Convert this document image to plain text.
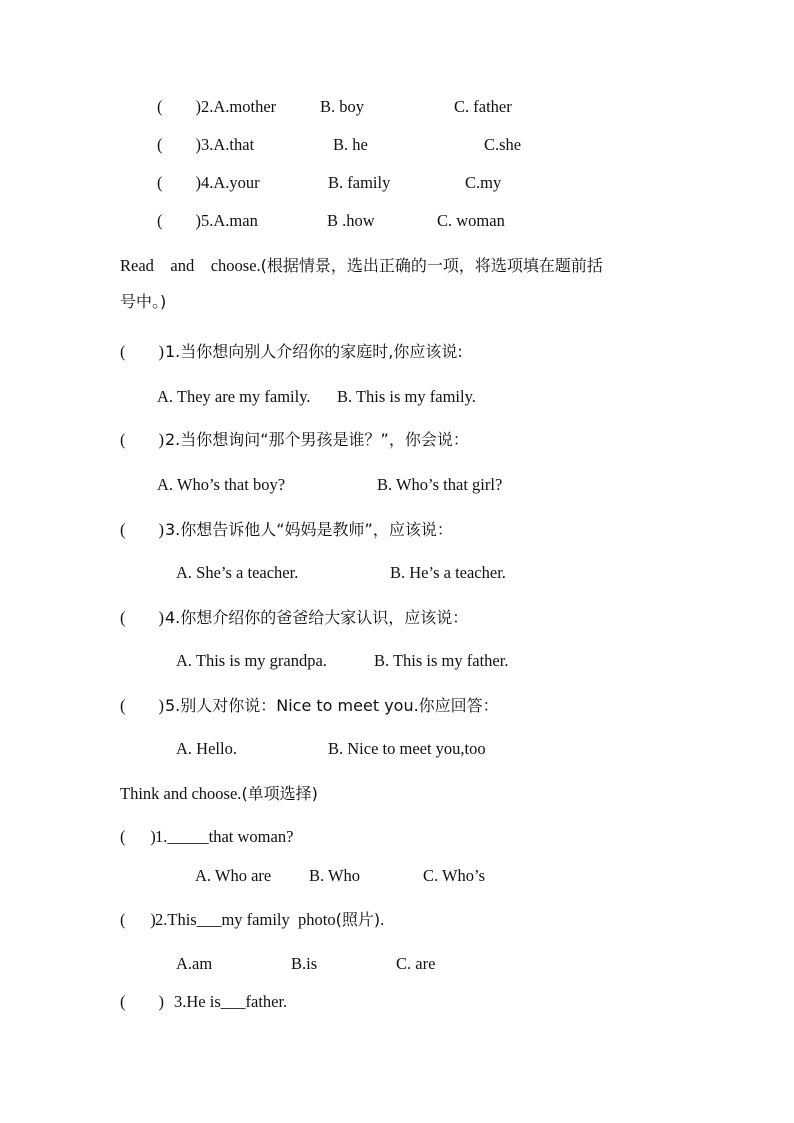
(        ) 2.A.mother	B. boy	C. father
(        ) 3.A.that	B. he	C.she
(        ) 4.A.your	B. family	C.my
(        ) 5.A.man	B .how	C. woman
Read    and    choose.(根据情景，选出正确的一项，将选项填在题前括
号中。)
(        ) 1.当你想向别人介绍你的家庭时,你应该说:
A. They are my family. B. This is my family.
(        ) 2.当你想询问“那个男孩是谁？”，你会说：
A. Who’s that boy?	B. Who’s that girl?
(        ) 3.你想告诉他人“妈妈是教师”，应该说：
A. She’s a teacher.	B. He’s a teacher.
(        ) 4.你想介绍你的爸爸给大家认识，应该说：
A. This is my grandpa.	B. This is my father.
(        ) 5.别人对你说：Nice to meet you.你应回答：
A. Hello.	B. Nice to meet you,too
Think and choose.(单项选择)
(      ) 1._____that woman?
A. Who are B. Who	C. Who’s
(      ) 2.This___my family  photo(照片).
A.am	B.is	C. are
(        ) 3.He is___father.
